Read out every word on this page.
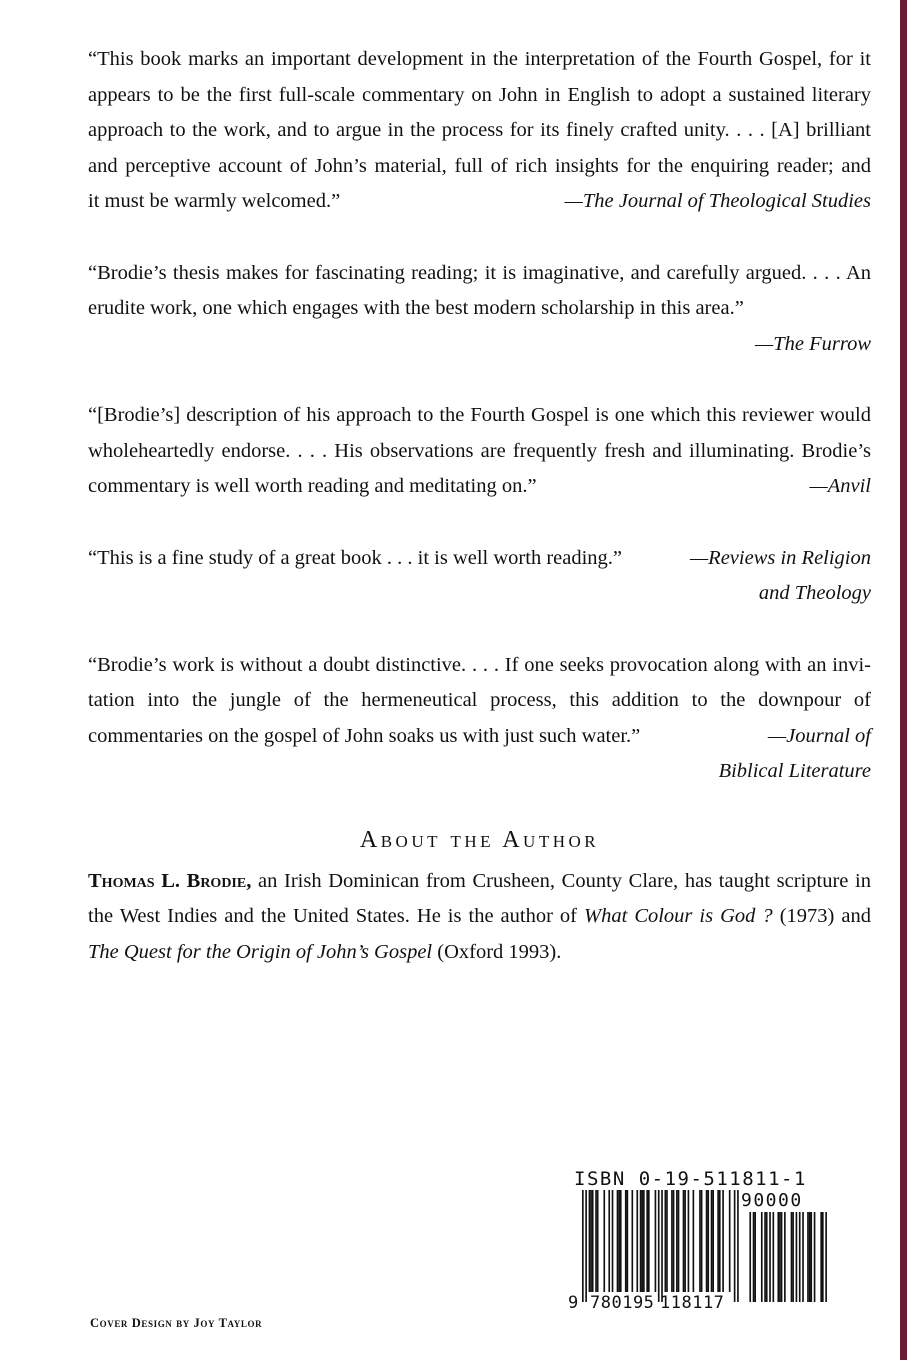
“This book marks an important development in the interpretation of the Fourth Gospel, for it
appears to be the first full-scale commentary on John in English to adopt a sustained literary
approach to the work, and to argue in the process for its finely crafted unity. . . . [A] brilliant
and perceptive account of John’s material, full of rich insights for the enquiring reader; and
it must be warmly welcomed.”	—The Journal of Theological Studies
“Brodie’s thesis makes for fascinating reading; it is imaginative, and carefully argued. . . . An
erudite work, one which engages with the best modern scholarship in this area.”

—The Furrow

“[Brodie’s] description of his approach to the Fourth Gospel is one which this reviewer would
wholeheartedly endorse. . . . His observations are frequently fresh and illuminating. Brodie’s
commentary is well worth reading and meditating on.”	—Anvil
“This is a fine study of a great book . . . it is well worth reading.”	—Reviews in Religion

and Theology

“Brodie’s work is without a doubt distinctive. . . . If one seeks provocation along with an invi-
tation into the jungle of the hermeneutical process, this addition to the downpour of
commentaries on the gospel of John soaks us with just such water.”	—Journal of

Biblical Literature

About the Author

Thomas L. Brodie, an Irish Dominican from Crusheen, County Clare, has taught scripture in the West Indies and the United States. He is the author of What Colour is God ? (1973) and The Quest for the Origin of John’s Gospel (Oxford 1993).

ISBN 0-19-511811-1
90000
9 780195 118117
Cover Design by Joy Taylor
